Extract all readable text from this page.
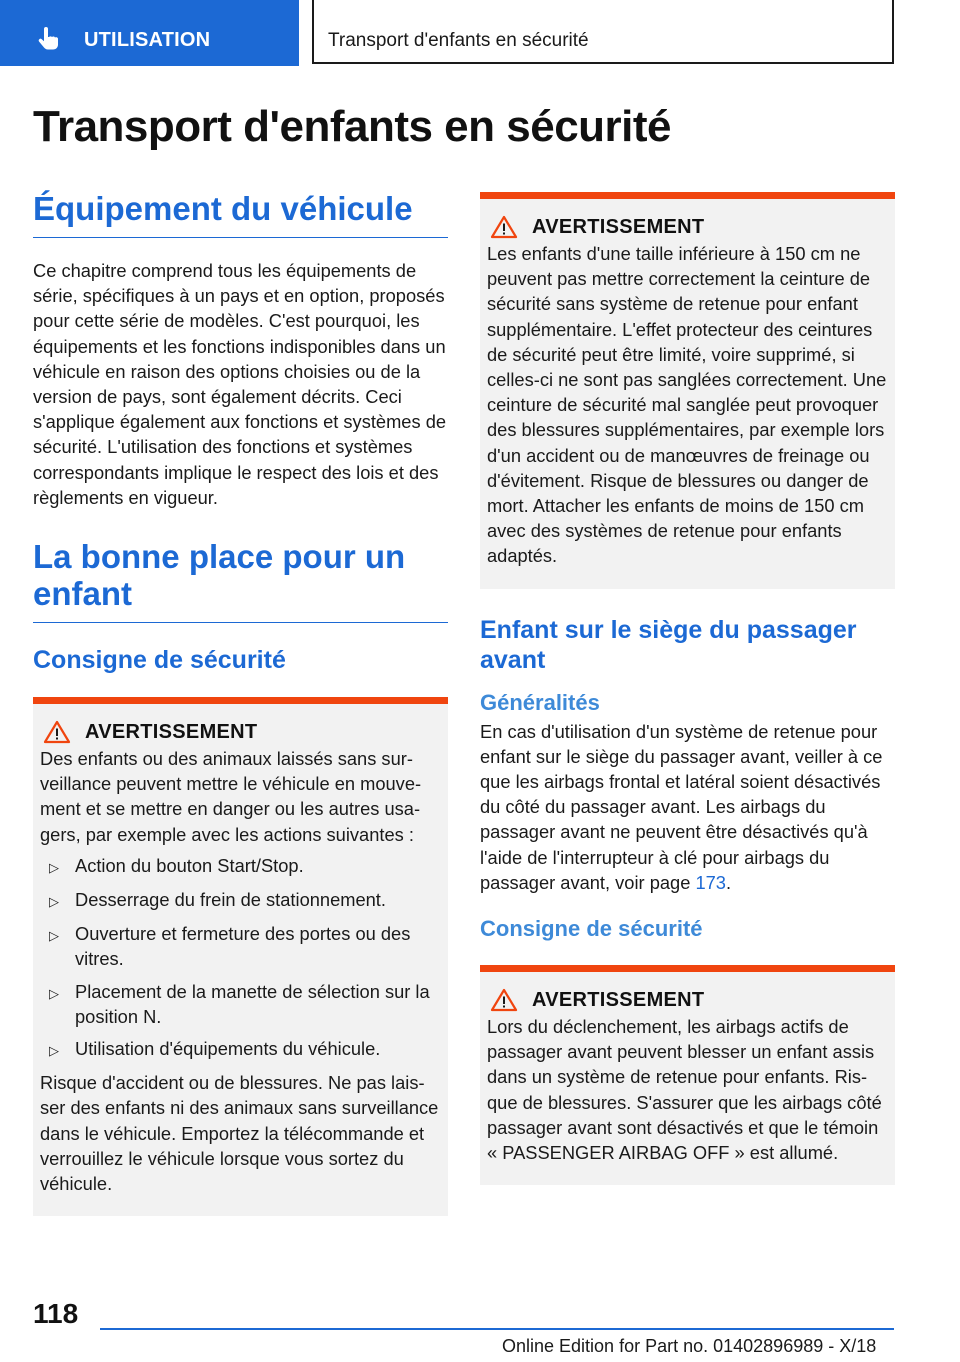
UTILISATION	Transport d'enfants en sécurité
Transport d'enfants en sécurité
Équipement du véhicule

Ce chapitre comprend tous les équipements de série, spécifiques à un pays et en option, proposés pour cette série de modèles. C'est pourquoi, les équipements et les fonctions indisponibles dans un véhicule en raison des options choisies ou de la version de pays, sont également décrits. Ceci s'applique également aux fonctions et systèmes de sécurité. L'utilisation des fonctions et systèmes correspondants implique le respect des lois et des règlements en vigueur.

La bonne place pour un enfant
Consigne de sécurité
AVERTISSEMENT

Des enfants ou des animaux laissés sans surveillance peuvent mettre le véhicule en mouvement et se mettre en danger ou les autres usagers, par exemple avec les actions suivantes :

▷ Action du bouton Start/Stop.
▷ Desserrage du frein de stationnement.
▷ Ouverture et fermeture des portes ou des vitres.
▷ Placement de la manette de sélection sur la position N.
▷ Utilisation d'équipements du véhicule.

Risque d'accident ou de blessures. Ne pas laisser des enfants ni des animaux sans surveillance dans le véhicule. Emportez la télécommande et verrouillez le véhicule lorsque vous sortez du véhicule.

AVERTISSEMENT

Les enfants d'une taille inférieure à 150 cm ne peuvent pas mettre correctement la ceinture de sécurité sans système de retenue pour enfant supplémentaire. L'effet protecteur des ceintures de sécurité peut être limité, voire supprimé, si celles-ci ne sont pas sanglées correctement. Une ceinture de sécurité mal sanglée peut provoquer des blessures supplémentaires, par exemple lors d'un accident ou de manœuvres de freinage ou d'évitement. Risque de blessures ou danger de mort. Attacher les enfants de moins de 150 cm avec des systèmes de retenue pour enfants adaptés.

Enfant sur le siège du passager avant
Généralités

En cas d'utilisation d'un système de retenue pour enfant sur le siège du passager avant, veiller à ce que les airbags frontal et latéral soient désactivés du côté du passager avant. Les airbags du passager avant ne peuvent être désactivés qu'à l'aide de l'interrupteur à clé pour airbags du passager avant, voir page 173.

Consigne de sécurité
AVERTISSEMENT

Lors du déclenchement, les airbags actifs de passager avant peuvent blesser un enfant assis dans un système de retenue pour enfants. Risque de blessures. S'assurer que les airbags côté passager avant sont désactivés et que le témoin « PASSENGER AIRBAG OFF » est allumé.

118
Online Edition for Part no. 01402896989 - X/18
